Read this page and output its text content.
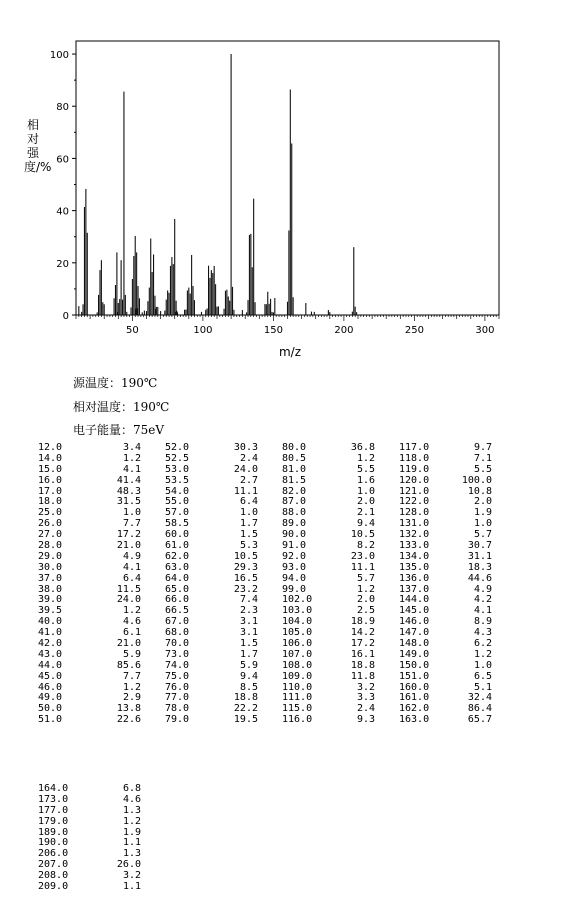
0
20
40
60
80
100
50	100	150	200	250	300
m/z
相对强度/%
源温度：190℃
相对温度：190℃
电子能量：75eV
12.0	3.4 52.0	30.3 80.0	36.8 117.0	9.7
14.0	1.2 52.5	2.4 80.5	1.2 118.0	7.1
15.0	4.1 53.0	24.0 81.0	5.5 119.0	5.5
16.0	41.4 53.5	2.7 81.5	1.6 120.0	100.0
17.0	48.3 54.0	11.1 82.0	1.0 121.0	10.8
18.0	31.5 55.0	6.4 87.0	2.0 122.0	2.0
25.0	1.0 57.0	1.0 88.0	2.1 128.0	1.9
26.0	7.7 58.5	1.7 89.0	9.4 131.0	1.0
27.0	17.2 60.0	1.5 90.0	10.5 132.0	5.7
28.0	21.0 61.0	5.3 91.0	8.2 133.0	30.7
29.0	4.9 62.0	10.5 92.0	23.0 134.0	31.1
30.0	4.1 63.0	29.3 93.0	11.1 135.0	18.3
37.0	6.4 64.0	16.5 94.0	5.7 136.0	44.6
38.0	11.5 65.0	23.2 99.0	1.2 137.0	4.9
39.0	24.0 66.0	7.4 102.0	2.0 144.0	4.2
39.5	1.2 66.5	2.3 103.0	2.5 145.0	4.1
40.0	4.6 67.0	3.1 104.0	18.9 146.0	8.9
41.0	6.1 68.0	3.1 105.0	14.2 147.0	4.3
42.0	21.0 70.0	1.5 106.0	17.2 148.0	6.2
43.0	5.9 73.0	1.7 107.0	16.1 149.0	1.2
44.0	85.6 74.0	5.9 108.0	18.8 150.0	1.0
45.0	7.7 75.0	9.4 109.0	11.8 151.0	6.5
46.0	1.2 76.0	8.5 110.0	3.2 160.0	5.1
49.0	2.9 77.0	18.8 111.0	3.3 161.0	32.4
50.0	13.8 78.0	22.2 115.0	2.4 162.0	86.4
51.0	22.6 79.0	19.5 116.0	9.3 163.0	65.7
164.0	6.8
173.0	4.6
177.0	1.3
179.0	1.2
189.0	1.9
190.0	1.1
206.0	1.3
207.0	26.0
208.0	3.2
209.0	1.1
